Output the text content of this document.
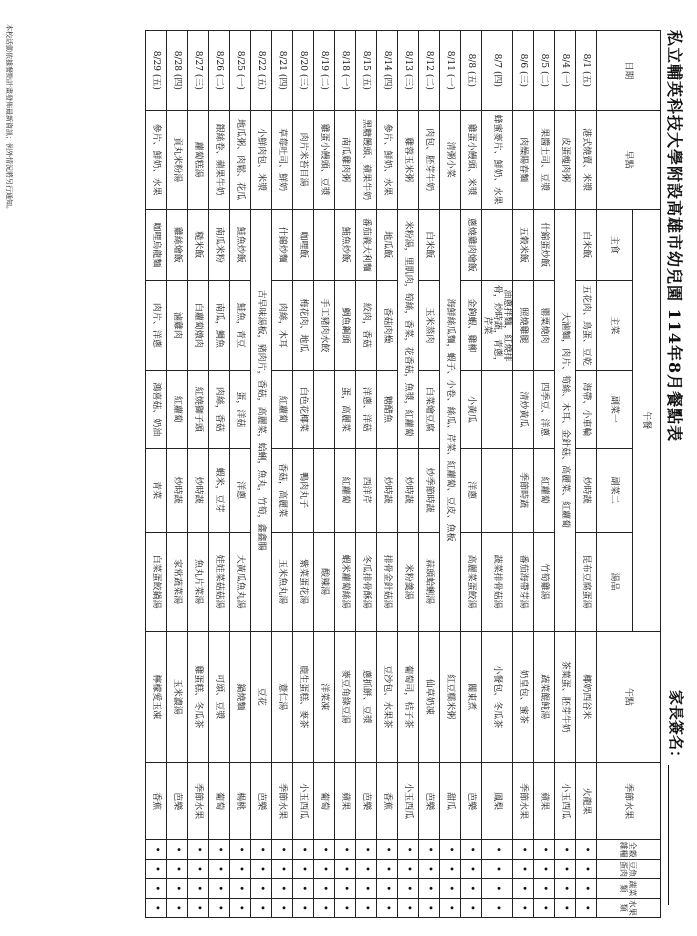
私立輔英科技大學附設高雄市幼兒園 114年8月餐點表
家長簽名：
日期	早點	午餐					午點	季節水果	全穀雜糧	豆魚蛋肉	蔬菜類	水果類
		主食	主菜	副菜一	副菜二	湯品						

8/1 (五)	港式燒賣、米漿	白米飯	五花肉、鳥蛋、豆乾	海帶、小車輪	炒時蔬	昆布豆腐蛋湯	椰奶西谷米	火龍果	•	•	•	•
8/4 (一)	皮蛋瘦肉粥	大滷麵，肉片、筍絲、木耳、金針菇、高麗菜、紅蘿蔔					茶葉蛋、胚芽牛奶	小玉西瓜	•	•	•	•
8/5 (二)	果醬土司、豆漿	什錦蛋炒飯	罌粟燒肉	四季豆、洋蔥	紅蘿蔔	竹筍雞湯	蔬菜餛飩湯	蘋果	•	•	•	•
8/6 (三)	肉燥陽春麵	五穀米飯	照燒雞腿	清炒黃瓜	季節時蔬	番茄海帶芽湯	奶皇包、蜜茶	季節水果	•	•	•	•
8/7 (四)	蜂蜜麥片、鮮奶、水果		油蔥拌麵，紅燒排骨，炒時蔬，青蔥，芹菜			蔬菜排骨菇湯	小餐包、冬瓜茶	鳳梨	•	•	•	•
8/8 (五)	雞蛋小饅頭、米漿	蔥燒雞肉燴飯	金鉤蝦、雞柳	小黃瓜	洋蔥	高麗菜蛋餃湯	關東煮	芭樂	•	•	•	•
8/11 (一)	清粥小菜	海鮮絲瓜麵，蝦子、小卷、絲瓜、芹菜、紅蘿蔔、豆皮、魚板					紅豆糯米粥	甜瓜	•	•	•	•
8/12 (二)	肉包、胚芽牛奶	白米飯	玉米蒸肉	白菜燴豆腐	炒季節時蔬	蒜頭蛤蜊湯	仙草奶凍	芭樂	•	•	•	•
8/13 (三)	雞蓉玉米粥	米粉湯，里肌肉，筍絲，香菜，花香菇，魚漿，紅蘿蔔			炒時蔬	米粉羹湯	葡萄司，桔子茶	小玉西瓜	•	•	•	•
8/14 (四)	參片、鮮奶、水果	地瓜飯	香菇肉燥	糖醋魚	炒時蔬	排骨金針菇湯	豆沙包、水果茶	香蕉	•	•	•	•
8/15 (五)	黑糖饅頭、蘋果牛奶	番茄義大利麵	絞肉，香菇	洋蔥、洋菇	西洋芹	冬瓜排骨酥湯	蔥抓餅、豆漿	芭樂	•	•	•	•
8/18 (一)	南瓜雞肉粥	鮪魚炒飯	鯛魚鋼頭	蛋，高麗菜	紅蘿蔔	蝦米蘿蔔絲湯	麥豆角綠豆湯	蘋果	•	•	•	•
8/19 (二)	雞蛋小饅頭、豆漿		手工豬肉水餃			酸辣湯	洋菜凍	葡萄	•	•	•	•
8/20 (三)	肉片米苔目湯	咖哩飯	梅花肉、地瓜	白色花椰菜	鴨肉丸子	紫菜蛋花湯	鹿生蛋糕、麥茶	小玉西瓜	•	•	•	•
8/21 (四)	草莓吐司、鮮奶	什錦炒麵	肉絲，木耳	紅蘿蔔	香菇，高麗菜	玉米魚丸湯	薏仁湯	季節水果	•	•	•	•
8/22 (五)	小鮮肉包、米漿	古早味湯板，豬肉片，香菇，高麗菜，蛤蜊，魚丸，竹筍，鑫鑫腸					豆花	芭樂	•	•	•	•
8/25 (一)	地瓜粥、肉鬆、花瓜	鮭魚炒飯	鮭魚，青豆	蛋，洋菇	洋蔥	大黃瓜魚丸湯	鍋燒麵	楊桃	•	•	•	•
8/26 (二)	銀絲卷、蘋果牛奶	南瓜米粉	南瓜，鯛魚	肉絲，香菇	蝦米，豆芽	娃娃菜菇菇湯	可頌、豆漿	葡萄	•	•	•	•
8/27 (三)	蘿蔔糕湯	糙米飯	白蘿蔔燉肉	紅燒獅子頭	炒時蔬	魚丸片菜湯	雞蛋糕、冬瓜茶	季節水果	•	•	•	•
8/28 (四)	貢丸米粉湯	雞絲燴飯	滷雞肉	紅蘿蔔	炒時蔬	家常蔬菜湯	玉米濃湯	芭樂	•	•	•	•
8/29 (五)	參片、鮮奶、水果	咖哩烏龍麵	肉片、洋蔥	鴻喜菇、奶油	青菜	白菜蛋餃鍋湯	檸檬愛玉凍	香蕉	•	•	•	•
本校活動依據餐點計畫發佈最新資訊；例外情況將另行通知。
